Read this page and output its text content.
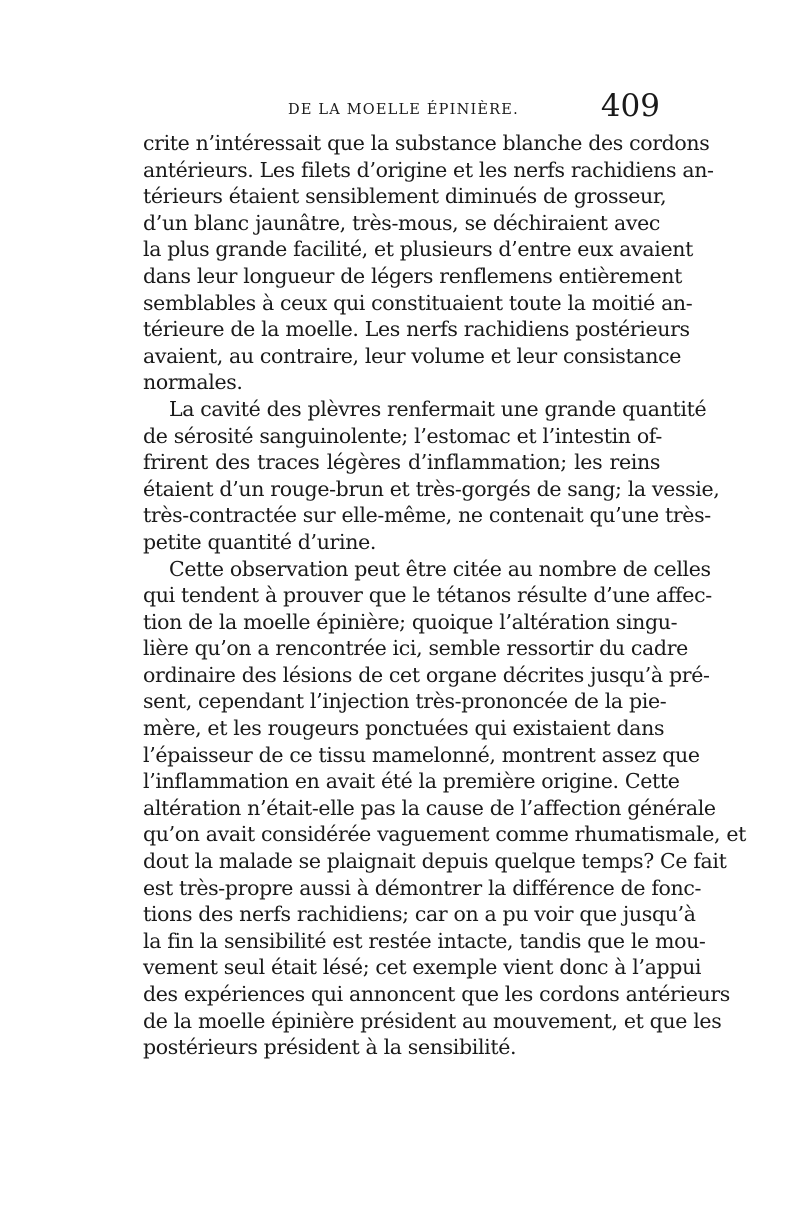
DE LA MOELLE ÉPINIÈRE.	409
crite n’intéressait que la substance blanche des cordons
antérieurs. Les filets d’origine et les nerfs rachidiens an-
térieurs étaient sensiblement diminués de grosseur,
d’un blanc jaunâtre, très-mous, se déchiraient avec
la plus grande facilité, et plusieurs d’entre eux avaient
dans leur longueur de légers renflemens entièrement
semblables à ceux qui constituaient toute la moitié an-
térieure de la moelle. Les nerfs rachidiens postérieurs
avaient, au contraire, leur volume et leur consistance
normales.
La cavité des plèvres renfermait une grande quantité
de sérosité sanguinolente; l’estomac et l’intestin of-
frirent des traces légères d’inflammation; les reins
étaient d’un rouge-brun et très-gorgés de sang; la vessie,
très-contractée sur elle-même, ne contenait qu’une très-
petite quantité d’urine.
Cette observation peut être citée au nombre de celles
qui tendent à prouver que le tétanos résulte d’une affec-
tion de la moelle épinière; quoique l’altération singu-
lière qu’on a rencontrée ici, semble ressortir du cadre
ordinaire des lésions de cet organe décrites jusqu’à pré-
sent, cependant l’injection très-prononcée de la pie-
mère, et les rougeurs ponctuées qui existaient dans
l’épaisseur de ce tissu mamelonné, montrent assez que
l’inflammation en avait été la première origine. Cette
altération n’était-elle pas la cause de l’affection générale
qu’on avait considérée vaguement comme rhumatismale, et
dout la malade se plaignait depuis quelque temps? Ce fait
est très-propre aussi à démontrer la différence de fonc-
tions des nerfs rachidiens; car on a pu voir que jusqu’à
la fin la sensibilité est restée intacte, tandis que le mou-
vement seul était lésé; cet exemple vient donc à l’appui
des expériences qui annoncent que les cordons antérieurs
de la moelle épinière président au mouvement, et que les
postérieurs président à la sensibilité.
